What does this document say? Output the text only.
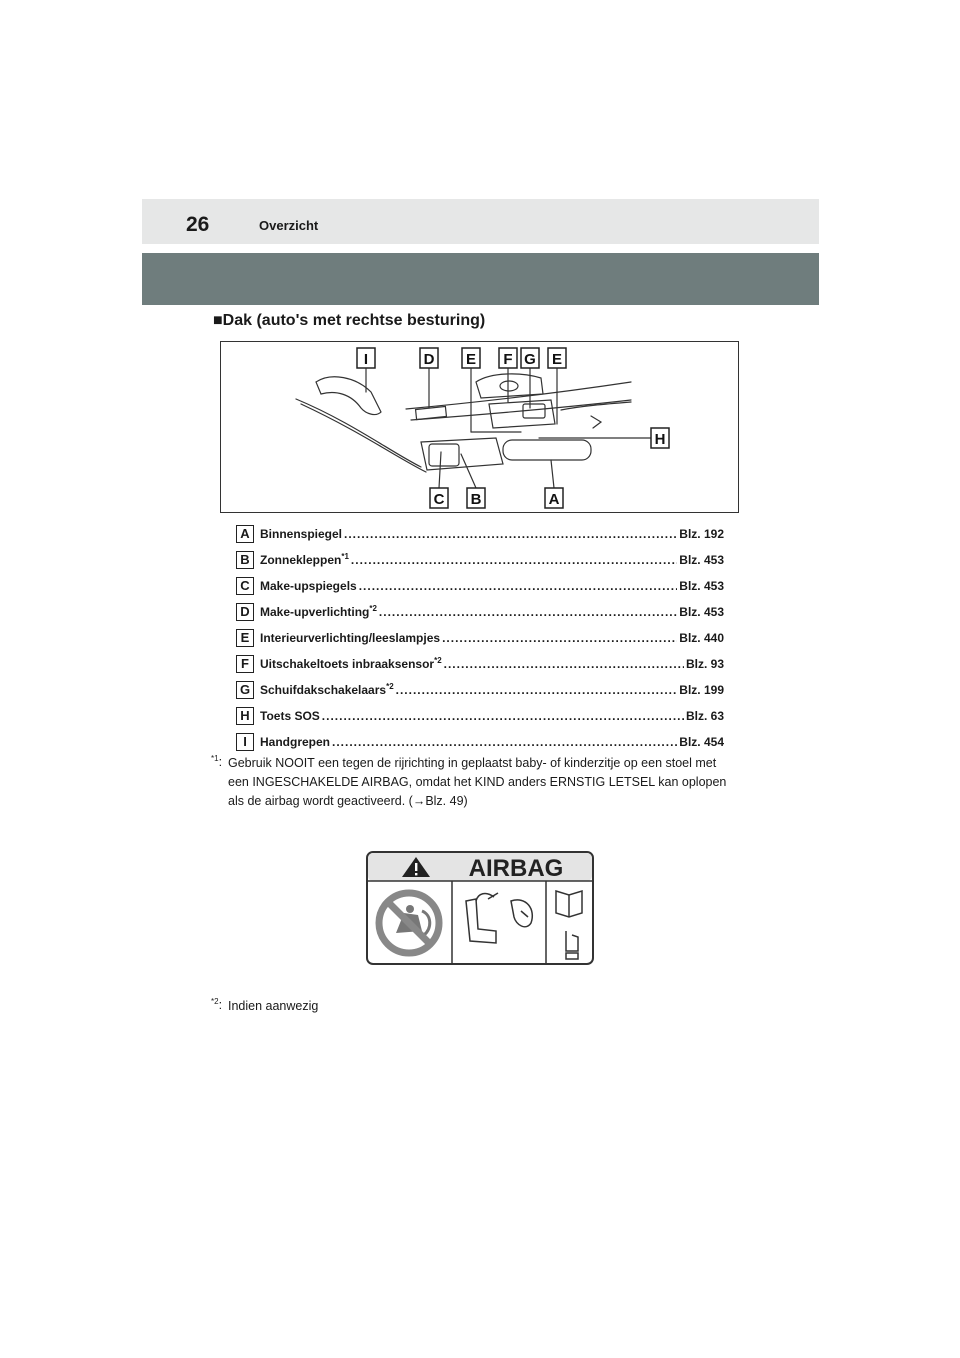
26	Overzicht
■Dak (auto's met rechtse besturing)
I	D E F G E
H
C B	A
A Binnenspiegel .....	Blz. 192
B Zonnekleppen$^{*1}$ .....	Blz. 453
C Make-upspiegels .....	Blz. 453
D Make-upverlichting$^{*2}$ .....	Blz. 453
E Interieurverlichting/leeslampjes .....	Blz. 440
F Uitschakeltoets inbraaksensor$^{*2}$ .....	Blz. 93
G Schuifdakschakelaars$^{*2}$ .....	Blz. 199
H Toets SOS .....	Blz. 63
I	Handgrepen .....	Blz. 454
$^{*1}$: Gebruik NOOIT een tegen de rijrichting in geplaatst baby- of kinderzitje op een stoel met
een INGESCHAKELDE AIRBAG, omdat het KIND anders ERNSTIG LETSEL kan oplopen
als de airbag wordt geactiveerd. (→Blz. 49)
AIRBAG
$^{*2}$: Indien aanwezig
